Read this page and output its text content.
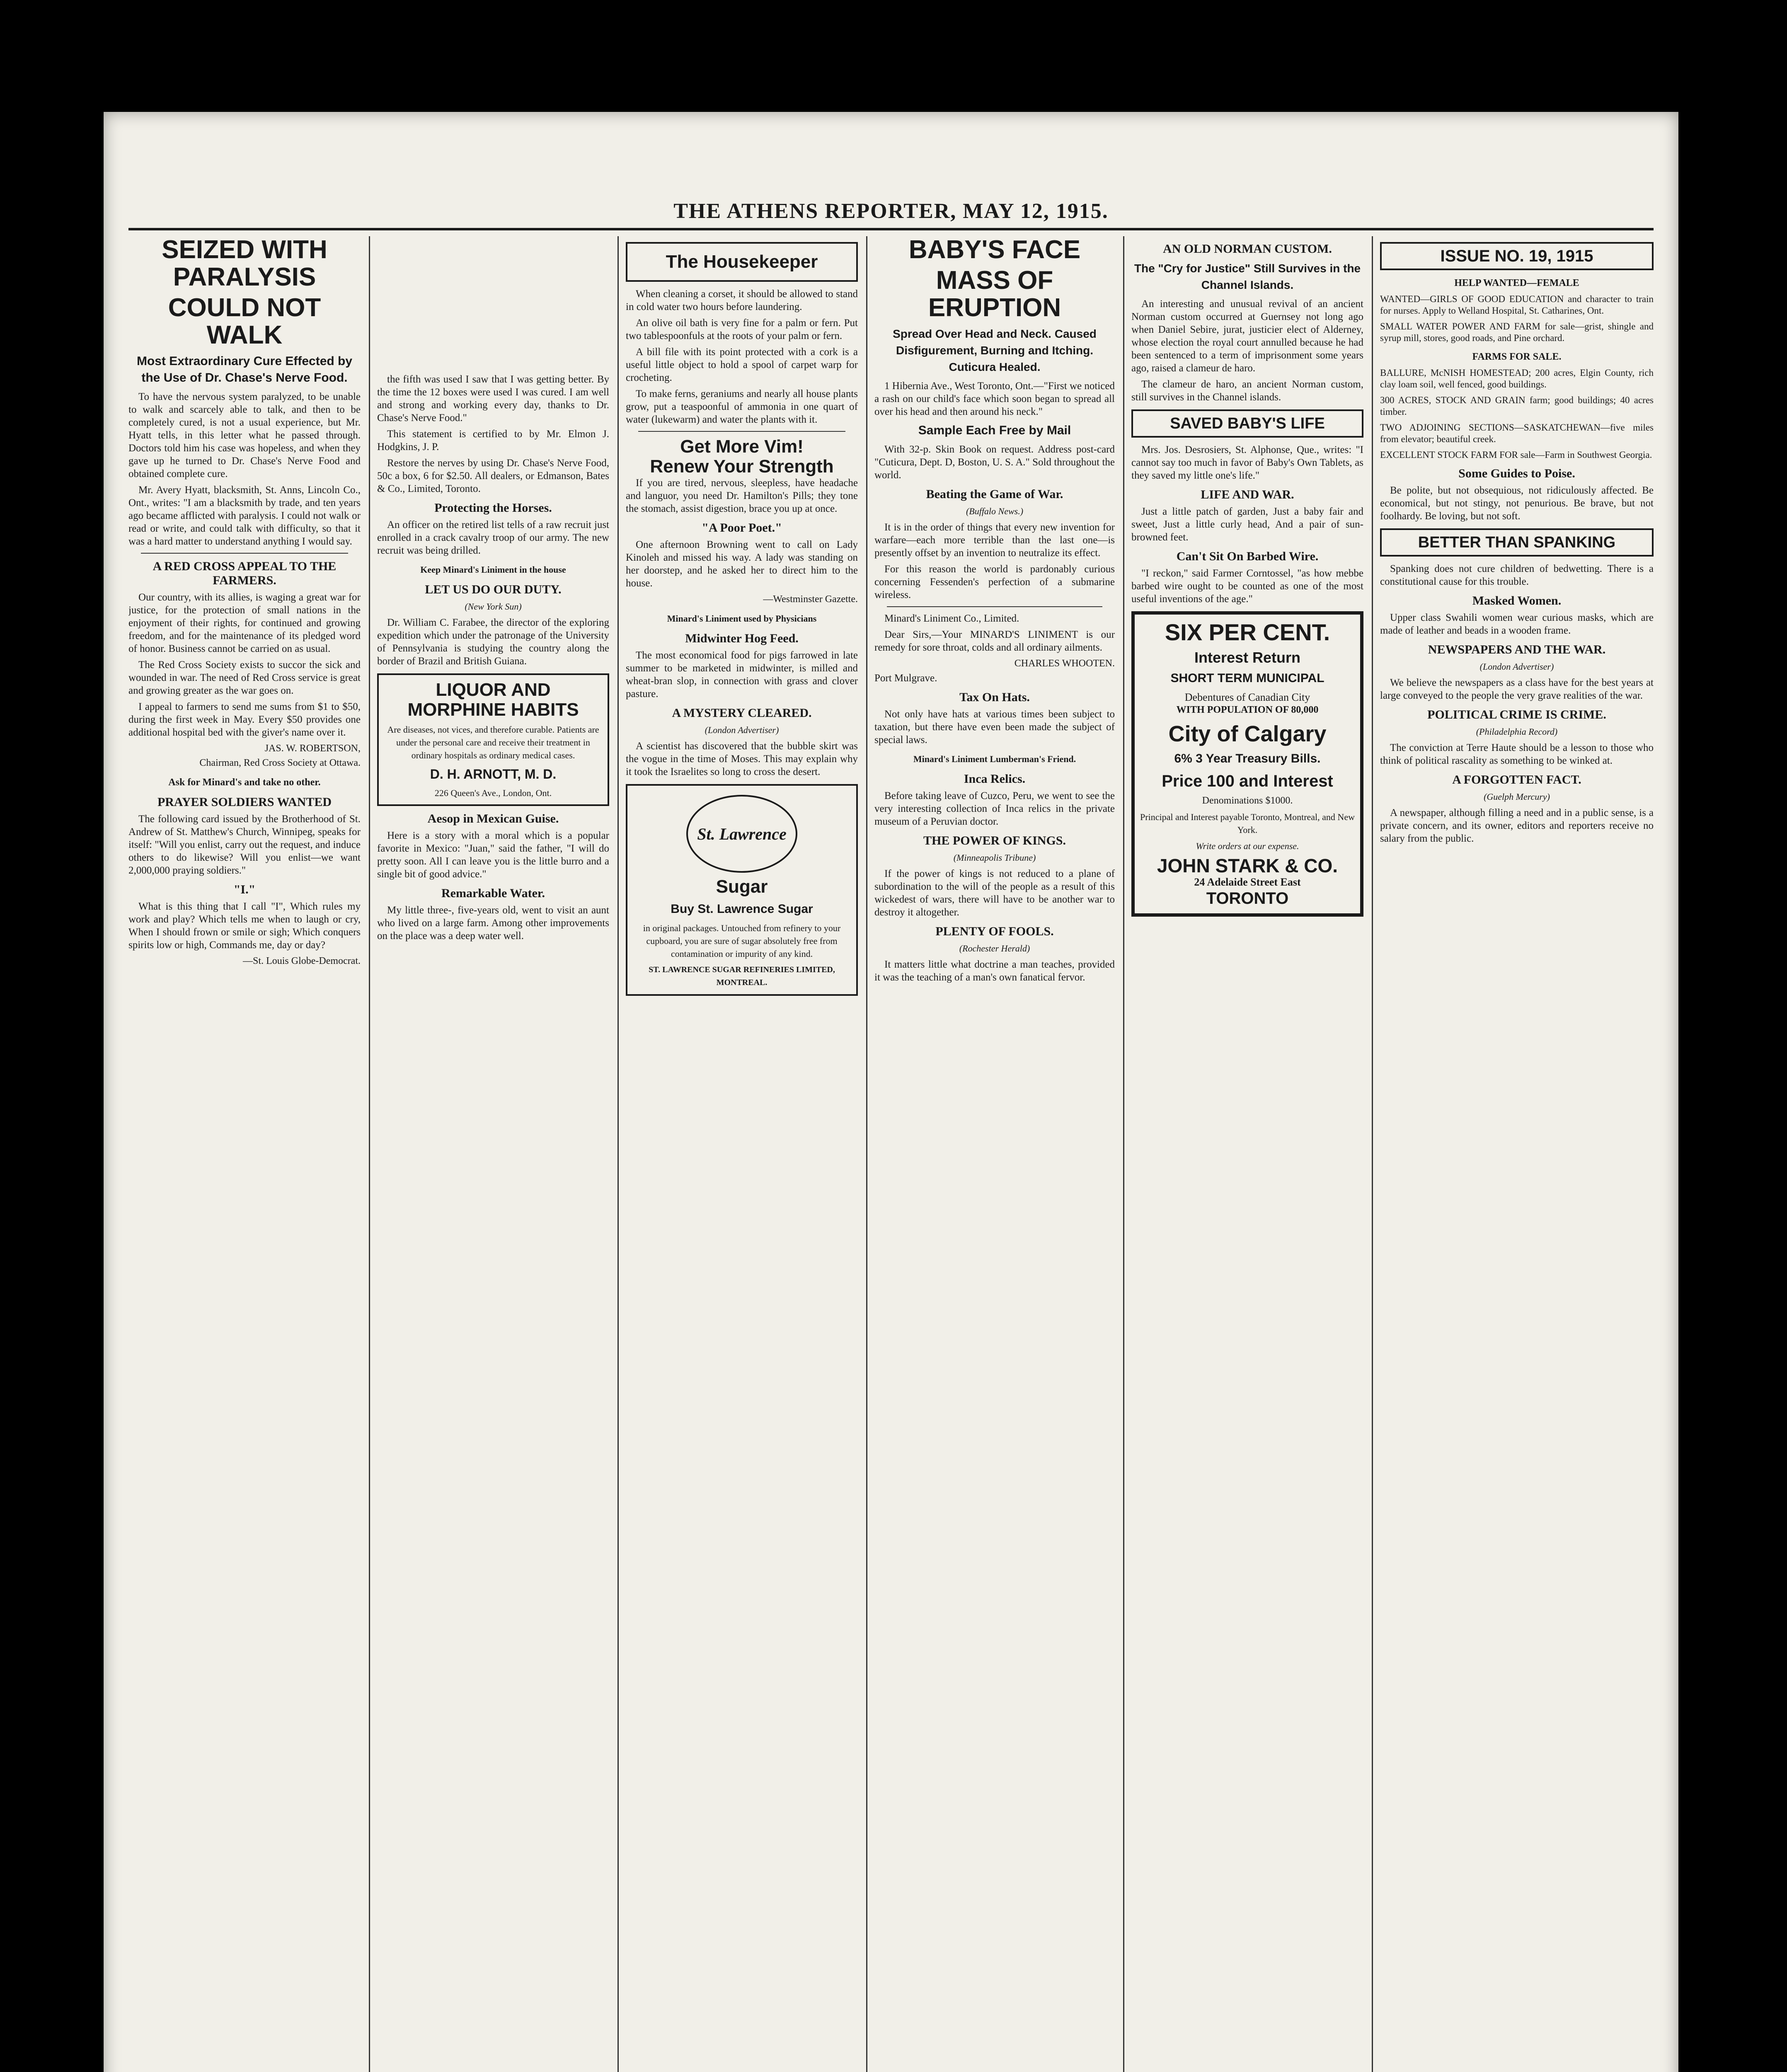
THE ATHENS REPORTER, MAY 12, 1915.
SEIZED WITH PARALYSIS
COULD NOT WALK
Most Extraordinary Cure Effected by the Use of Dr. Chase's Nerve Food.

To have the nervous system paralyzed, to be unable to walk and scarcely able to talk, and then to be completely cured, is not a usual experience, but Mr. Hyatt tells, in this letter what he passed through. Doctors told him his case was hopeless, and when they gave up he turned to Dr. Chase's Nerve Food and obtained complete cure.

Mr. Avery Hyatt, blacksmith, St. Anns, Lincoln Co., Ont., writes: "I am a blacksmith by trade, and ten years ago became afflicted with paralysis. I could not walk or read or write, and could talk with difficulty, so that it was a hard matter to understand anything I would say.

A RED CROSS APPEAL TO THE FARMERS.

Our country, with its allies, is waging a great war for justice, for the protection of small nations in the enjoyment of their rights, for continued and growing freedom, and for the maintenance of its pledged word of honor. Business cannot be carried on as usual.

The Red Cross Society exists to succor the sick and wounded in war. The need of Red Cross service is great and growing greater as the war goes on.

I appeal to farmers to send me sums from $1 to $50, during the first week in May. Every $50 provides one additional hospital bed with the giver's name over it.

JAS. W. ROBERTSON,
Chairman, Red Cross Society at Ottawa.
Ask for Minard's and take no other.
PRAYER SOLDIERS WANTED

The following card issued by the Brotherhood of St. Andrew of St. Matthew's Church, Winnipeg, speaks for itself: "Will you enlist, carry out the request, and induce others to do likewise? Will you enlist—we want 2,000,000 praying soldiers."

"I."

What is this thing that I call "I", Which rules my work and play? Which tells me when to laugh or cry, When I should frown or smile or sigh; Which conquers spirits low or high, Commands me, day or day?

—St. Louis Globe-Democrat.

the fifth was used I saw that I was getting better. By the time the 12 boxes were used I was cured. I am well and strong and working every day, thanks to Dr. Chase's Nerve Food."

This statement is certified to by Mr. Elmon J. Hodgkins, J. P.

Restore the nerves by using Dr. Chase's Nerve Food, 50c a box, 6 for $2.50. All dealers, or Edmanson, Bates & Co., Limited, Toronto.

Protecting the Horses.

An officer on the retired list tells of a raw recruit just enrolled in a crack cavalry troop of our army. The new recruit was being drilled.

Keep Minard's Liniment in the house
LET US DO OUR DUTY.
(New York Sun)

Dr. William C. Farabee, the director of the exploring expedition which under the patronage of the University of Pennsylvania is studying the country along the border of Brazil and British Guiana.

LIQUOR AND
MORPHINE HABITS
Are diseases, not vices, and therefore curable. Patients are under the personal care and receive their treatment in ordinary hospitals as ordinary medical cases.
D. H. ARNOTT, M. D.
226 Queen's Ave., London, Ont.
Aesop in Mexican Guise.

Here is a story with a moral which is a popular favorite in Mexico: "Juan," said the father, "I will do pretty soon. All I can leave you is the little burro and a single bit of good advice."

Remarkable Water.

My little three-, five-years old, went to visit an aunt who lived on a large farm. Among other improvements on the place was a deep water well.

The Housekeeper

When cleaning a corset, it should be allowed to stand in cold water two hours before laundering.

An olive oil bath is very fine for a palm or fern. Put two tablespoonfuls at the roots of your palm or fern.

A bill file with its point protected with a cork is a useful little object to hold a spool of carpet warp for crocheting.

To make ferns, geraniums and nearly all house plants grow, put a teaspoonful of ammonia in one quart of water (lukewarm) and water the plants with it.

Get More Vim!
Renew Your Strength

If you are tired, nervous, sleepless, have headache and languor, you need Dr. Hamilton's Pills; they tone the stomach, assist digestion, brace you up at once.

"A Poor Poet."

One afternoon Browning went to call on Lady Kinoleh and missed his way. A lady was standing on her doorstep, and he asked her to direct him to the house.

—Westminster Gazette.
Minard's Liniment used by Physicians
Midwinter Hog Feed.

The most economical food for pigs farrowed in late summer to be marketed in midwinter, is milled and wheat-bran slop, in connection with grass and clover pasture.

A MYSTERY CLEARED.
(London Advertiser)

A scientist has discovered that the bubble skirt was the vogue in the time of Moses. This may explain why it took the Israelites so long to cross the desert.

St. Lawrence
Sugar
Buy St. Lawrence Sugar
in original packages. Untouched from refinery to your cupboard, you are sure of sugar absolutely free from contamination or impurity of any kind.
ST. LAWRENCE SUGAR REFINERIES LIMITED, MONTREAL.
BABY'S FACE
MASS OF ERUPTION
Spread Over Head and Neck. Caused Disfigurement, Burning and Itching. Cuticura Healed.

1 Hibernia Ave., West Toronto, Ont.—"First we noticed a rash on our child's face which soon began to spread all over his head and then around his neck."

Sample Each Free by Mail

With 32-p. Skin Book on request. Address post-card "Cuticura, Dept. D, Boston, U. S. A." Sold throughout the world.

Beating the Game of War.
(Buffalo News.)

It is in the order of things that every new invention for warfare—each more terrible than the last one—is presently offset by an invention to neutralize its effect.

For this reason the world is pardonably curious concerning Fessenden's perfection of a submarine wireless.

Minard's Liniment Co., Limited.

Dear Sirs,—Your MINARD'S LINIMENT is our remedy for sore throat, colds and all ordinary ailments.

CHARLES WHOOTEN.
Port Mulgrave.
Tax On Hats.

Not only have hats at various times been subject to taxation, but there have even been made the subject of special laws.

Minard's Liniment Lumberman's Friend.
Inca Relics.

Before taking leave of Cuzco, Peru, we went to see the very interesting collection of Inca relics in the private museum of a Peruvian doctor.

THE POWER OF KINGS.
(Minneapolis Tribune)

If the power of kings is not reduced to a plane of subordination to the will of the people as a result of this wickedest of wars, there will have to be another war to destroy it altogether.

PLENTY OF FOOLS.
(Rochester Herald)

It matters little what doctrine a man teaches, provided it was the teaching of a man's own fanatical fervor.

AN OLD NORMAN CUSTOM.
The "Cry for Justice" Still Survives in the Channel Islands.

An interesting and unusual revival of an ancient Norman custom occurred at Guernsey not long ago when Daniel Sebire, jurat, justicier elect of Alderney, whose election the royal court annulled because he had been sentenced to a term of imprisonment some years ago, raised a clameur de haro.

The clameur de haro, an ancient Norman custom, still survives in the Channel islands.

SAVED BABY'S LIFE

Mrs. Jos. Desrosiers, St. Alphonse, Que., writes: "I cannot say too much in favor of Baby's Own Tablets, as they saved my little one's life."

LIFE AND WAR.

Just a little patch of garden, Just a baby fair and sweet, Just a little curly head, And a pair of sun-browned feet.

Can't Sit On Barbed Wire.

"I reckon," said Farmer Corntossel, "as how mebbe barbed wire ought to be counted as one of the most useful inventions of the age."

SIX PER CENT.
Interest Return
SHORT TERM MUNICIPAL
Debentures of Canadian City
WITH POPULATION OF 80,000
City of Calgary
6% 3 Year Treasury Bills.
Price 100 and Interest
Denominations $1000.
Principal and Interest payable Toronto, Montreal, and New York.
Write orders at our expense.
JOHN STARK & CO.
24 Adelaide Street East
TORONTO
ISSUE NO. 19, 1915
HELP WANTED—FEMALE
WANTED—GIRLS OF GOOD EDUCATION and character to train for nurses. Apply to Welland Hospital, St. Catharines, Ont.
SMALL WATER POWER AND FARM for sale—grist, shingle and syrup mill, stores, good roads, and Pine orchard.
FARMS FOR SALE.
BALLURE, McNISH HOMESTEAD; 200 acres, Elgin County, rich clay loam soil, well fenced, good buildings.
300 ACRES, STOCK AND GRAIN farm; good buildings; 40 acres timber.
TWO ADJOINING SECTIONS—SASKATCHEWAN—five miles from elevator; beautiful creek.
EXCELLENT STOCK FARM FOR sale—Farm in Southwest Georgia.
Some Guides to Poise.

Be polite, but not obsequious, not ridiculously affected. Be economical, but not stingy, not penurious. Be brave, but not foolhardy. Be loving, but not soft.

BETTER THAN SPANKING

Spanking does not cure children of bedwetting. There is a constitutional cause for this trouble.

Masked Women.

Upper class Swahili women wear curious masks, which are made of leather and beads in a wooden frame.

NEWSPAPERS AND THE WAR.
(London Advertiser)

We believe the newspapers as a class have for the best years at large conveyed to the people the very grave realities of the war.

POLITICAL CRIME IS CRIME.
(Philadelphia Record)

The conviction at Terre Haute should be a lesson to those who think of political rascality as something to be winked at.

A FORGOTTEN FACT.
(Guelph Mercury)

A newspaper, although filling a need and in a public sense, is a private concern, and its owner, editors and reporters receive no salary from the public.
